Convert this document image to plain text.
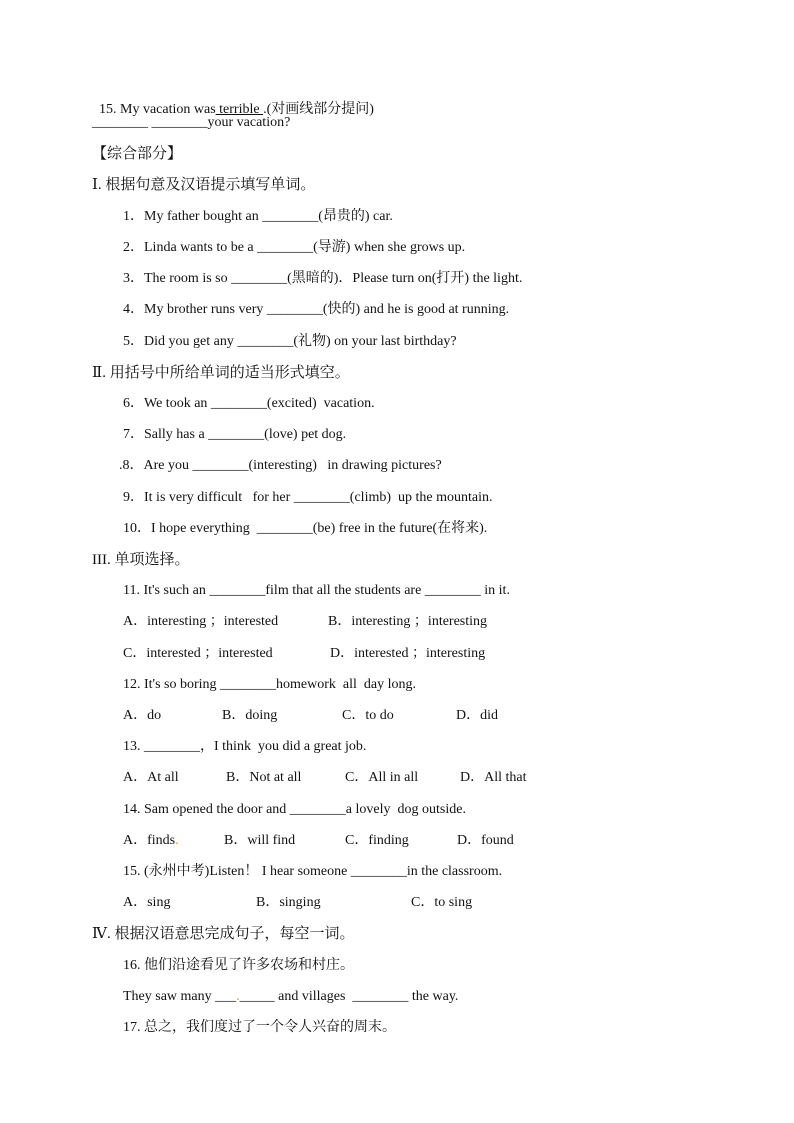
15. My vacation was terrible .(对画线部分提问)

________ ________your vacation?
【综合部分】
Ⅰ. 根据句意及汉语提示填写单词。
1．My father bought an ________(昂贵的) car.
2．Linda wants to be a ________(导游) when she grows up.
3．The room is so ________(黑暗的)．Please turn on(打开) the light.
4．My brother runs very ________(快的) and he is good at running.
5．Did you get any ________(礼物) on your last birthday?
Ⅱ. 用括号中所给单词的适当形式填空。
6．We took an ________(excited)  vacation.
7．Sally has a ________(love) pet dog.
.8．Are you ________(interesting)   in drawing pictures?
9．It is very difficult   for her ________(climb)  up the mountain.
10．I hope everything  ________(be) free in the future(在将来).
III. 单项选择。
11. It's such an ________film that all the students are ________ in it.
A．interesting ；interested	B．interesting ；interesting
C．interested ；interested	D．interested ；interesting
12. It's so boring ________homework  all  day long.
A．do	B．doing	C．to do	D．did
13. ________，I think  you did a great job.
A．At all	B．Not at all	C．All in all	D．All that
14. Sam opened the door and ________a lovely  dog outside.
A．finds.	B．will find	C．finding	D．found
15. (永州中考)Listen！ I hear someone ________in the classroom.
A．sing	B．singing	C．to sing
Ⅳ. 根据汉语意思完成句子，每空一词。
16. 他们沿途看见了许多农场和村庄。
They saw many ___._____ and villages  ________ the way.
17. 总之，我们度过了一个令人兴奋的周末。
